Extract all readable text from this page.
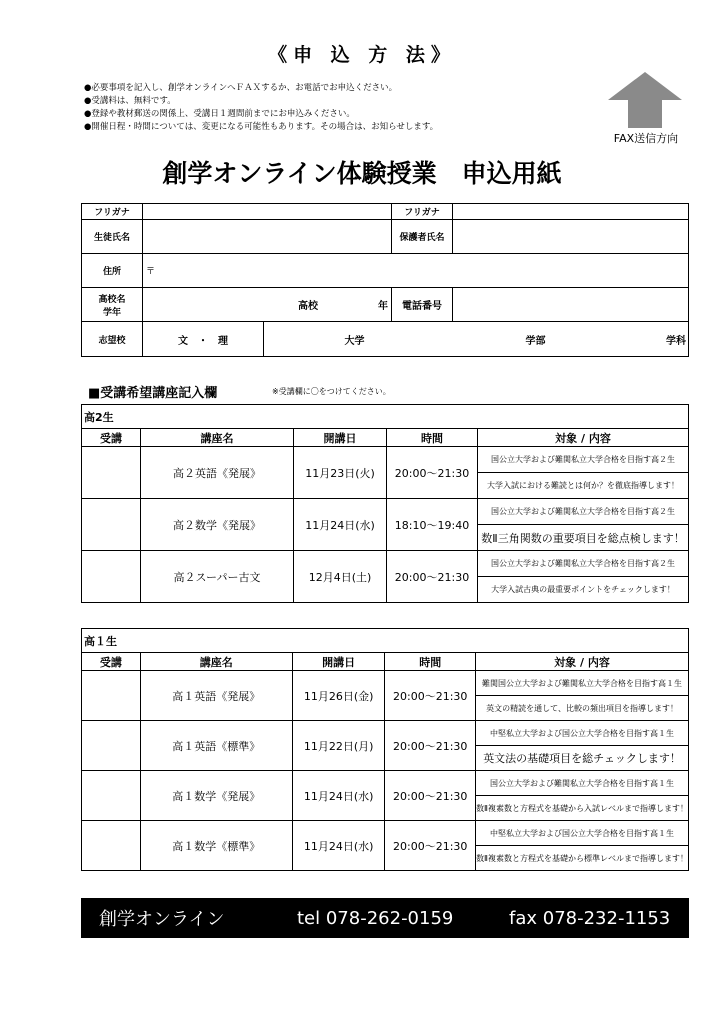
《申 込 方 法》
●必要事項を記入し、創学オンラインへＦＡＸするか、お電話でお申込ください。
●受講料は、無料です。
●登録や教材郵送の関係上、受講日１週間前までにお申込みください。
●開催日程・時間については、変更になる可能性もあります。その場合は、お知らせします。
FAX送信方向
創学オンライン体験授業　申込用紙
フリガナ		フリガナ	
生徒氏名		保護者氏名	
住所	〒		

高校名
学年	高校 年	電話番号	
志望校	文　・　理 大学 学部 学科		
■受講希望講座記入欄	※受講欄に〇をつけてください。
高2生				
受講	講座名	開講日	時間	対象 / 内容
	高２英語《発展》	11月23日(火)	20:00～21:30	国公立大学および難関私立大学合格を目指す高２生
				大学入試における難読とは何か？を徹底指導します！
	高２数学《発展》	11月24日(水)	18:10～19:40	国公立大学および難関私立大学合格を目指す高２生
				数Ⅱ三角関数の重要項目を総点検します！
	高２スーパー古文	12月4日(土)	20:00～21:30	国公立大学および難関私立大学合格を目指す高２生
				大学入試古典の最重要ポイントをチェックします！
高１生				
受講	講座名	開講日	時間	対象 / 内容
	高１英語《発展》	11月26日(金)	20:00～21:30	難関国公立大学および難関私立大学合格を目指す高１生
				英文の精読を通して、比較の頻出項目を指導します！
	高１英語《標準》	11月22日(月)	20:00～21:30	中堅私立大学および国公立大学合格を目指す高１生
				英文法の基礎項目を総チェックします！
	高１数学《発展》	11月24日(水)	20:00～21:30	国公立大学および難関私立大学合格を目指す高１生
				数Ⅱ複素数と方程式を基礎から入試レベルまで指導します！
	高１数学《標準》	11月24日(水)	20:00～21:30	中堅私立大学および国公立大学合格を目指す高１生
				数Ⅱ複素数と方程式を基礎から標準レベルまで指導します！
創学オンライン	tel 078-262-0159	fax 078-232-1153
